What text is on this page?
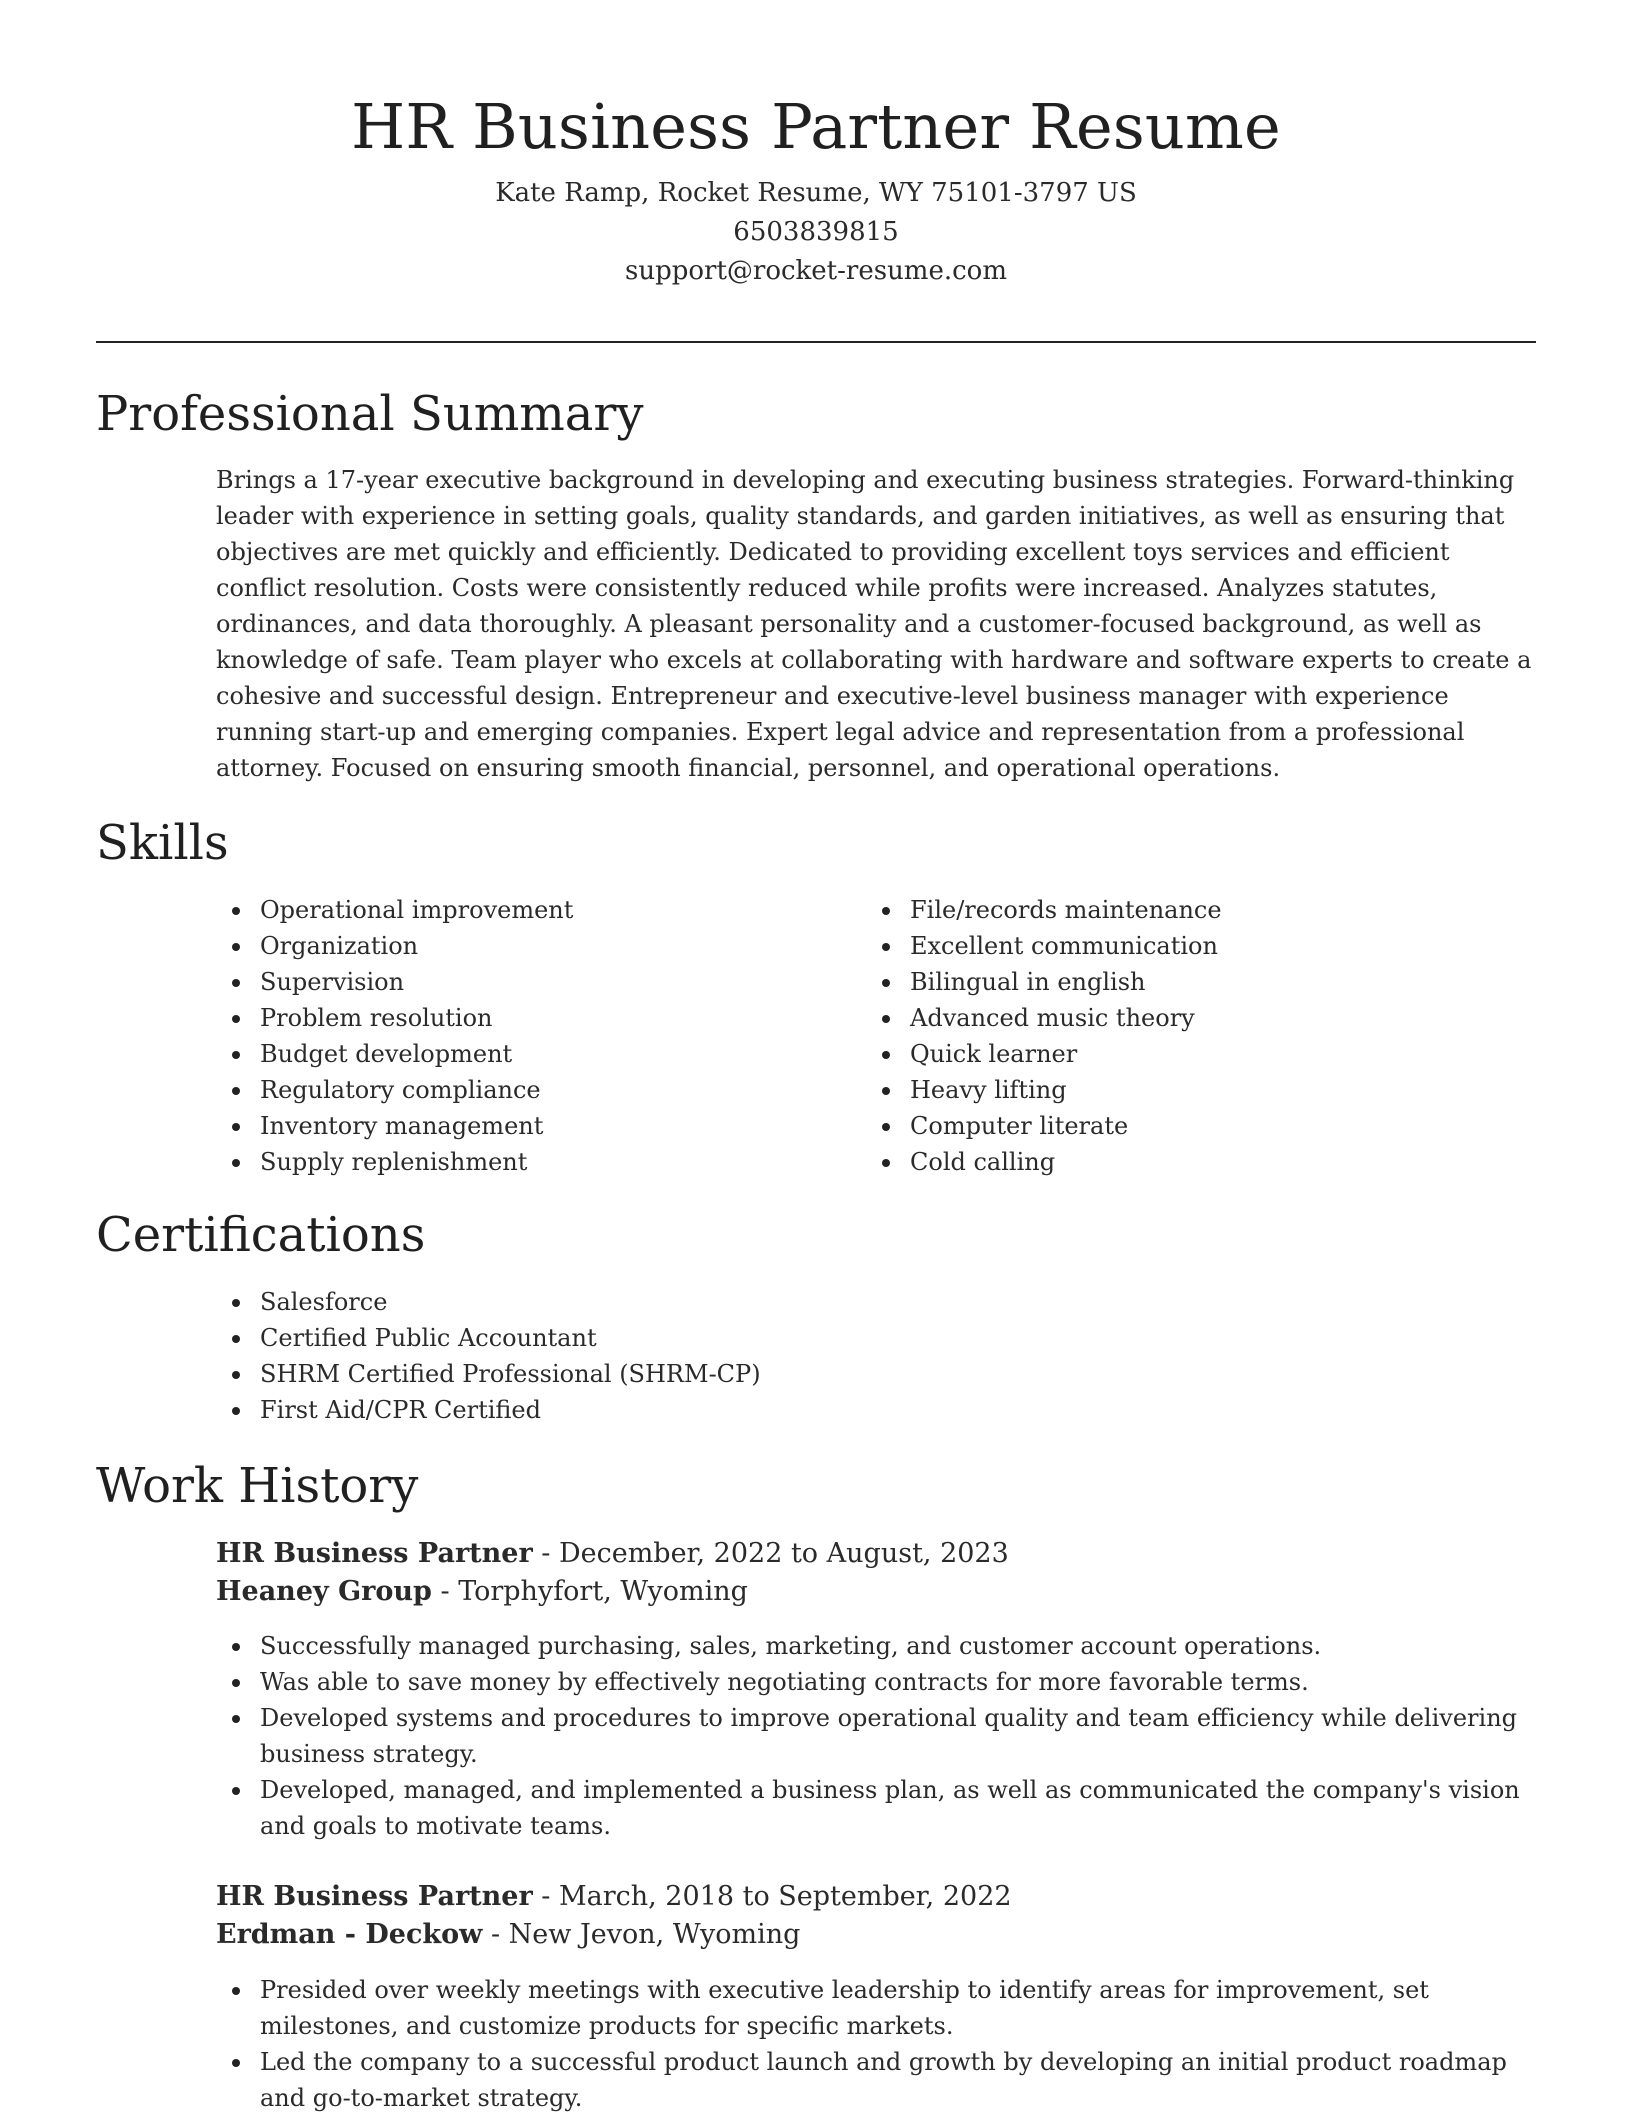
HR Business Partner Resume
Kate Ramp, Rocket Resume, WY 75101-3797 US
6503839815
support@rocket-resume.com
Professional Summary

Brings a 17-year executive background in developing and executing business strategies. Forward-thinking leader with experience in setting goals, quality standards, and garden initiatives, as well as ensuring that objectives are met quickly and efficiently. Dedicated to providing excellent toys services and efficient conflict resolution. Costs were consistently reduced while profits were increased. Analyzes statutes, ordinances, and data thoroughly. A pleasant personality and a customer-focused background, as well as knowledge of safe. Team player who excels at collaborating with hardware and software experts to create a cohesive and successful design. Entrepreneur and executive-level business manager with experience running start-up and emerging companies. Expert legal advice and representation from a professional attorney. Focused on ensuring smooth financial, personnel, and operational operations.

Skills
Operational improvement
Organization
Supervision
Problem resolution
Budget development
Regulatory compliance
Inventory management
Supply replenishment
File/records maintenance
Excellent communication
Bilingual in english
Advanced music theory
Quick learner
Heavy lifting
Computer literate
Cold calling
Certifications
Salesforce
Certified Public Accountant
SHRM Certified Professional (SHRM-CP)
First Aid/CPR Certified
Work History
HR Business Partner - December, 2022 to August, 2023
Heaney Group - Torphyfort, Wyoming
Successfully managed purchasing, sales, marketing, and customer account operations.
Was able to save money by effectively negotiating contracts for more favorable terms.
Developed systems and procedures to improve operational quality and team efficiency while delivering business strategy.
Developed, managed, and implemented a business plan, as well as communicated the company's vision and goals to motivate teams.
HR Business Partner - March, 2018 to September, 2022
Erdman - Deckow - New Jevon, Wyoming
Presided over weekly meetings with executive leadership to identify areas for improvement, set milestones, and customize products for specific markets.
Led the company to a successful product launch and growth by developing an initial product roadmap and go-to-market strategy.
